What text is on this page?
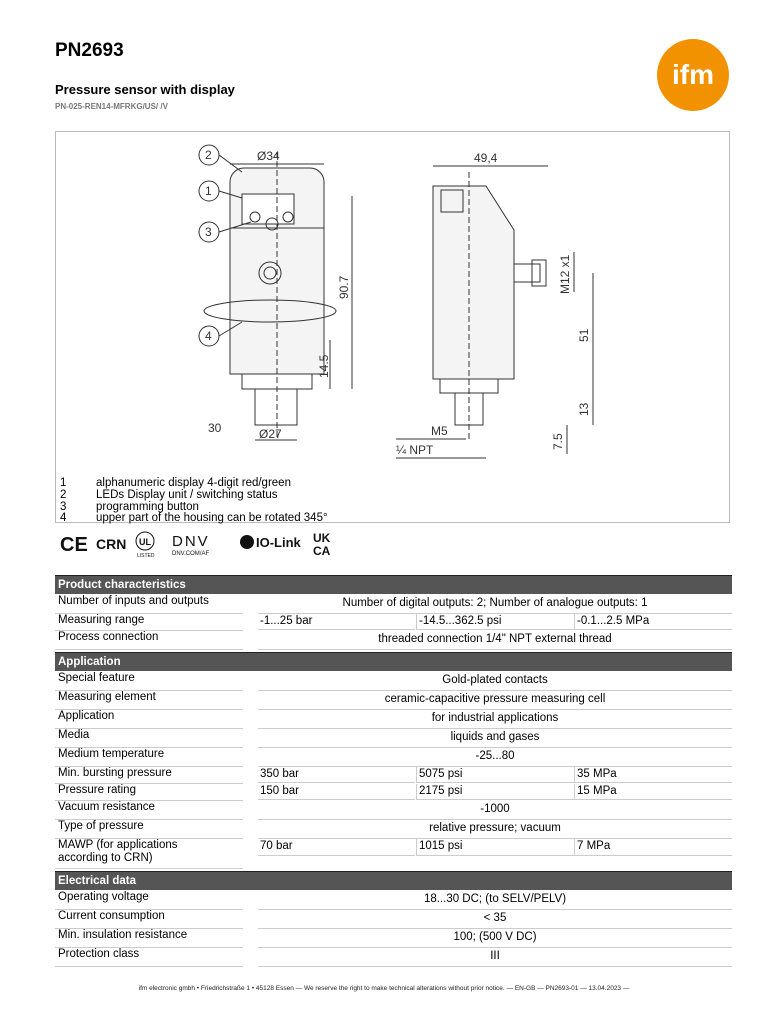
PN2693
Pressure sensor with display
PN-025-REN14-MFRKG/US/ /V
ifm
Ø34
90.7
14.5
Ø27
30
2
1
3
4
49,4
M12 x1
51
13
7.5
M5
¼ NPT
1	alphanumeric display 4-digit red/green
2	LEDs Display unit / switching status
3	programming button
4	upper part of the housing can be rotated 345°
CE CRN UL
LISTED
DNV
DNV.COM/AF
IO-Link UK
CA
Product characteristics
Number of inputs and outputs	Number of digital outputs: 2; Number of analogue outputs: 1
Measuring range	-1...25 bar	-14.5...362.5 psi	-0.1...2.5 MPa
Process connection	threaded connection 1/4" NPT external thread
Application
Special feature	Gold-plated contacts
Measuring element	ceramic-capacitive pressure measuring cell
Application	for industrial applications
Media	liquids and gases
Medium temperature	-25...80
Min. bursting pressure	350 bar	5075 psi	35 MPa
Pressure rating	150 bar	2175 psi	15 MPa
Vacuum resistance	-1000
Type of pressure	relative pressure; vacuum
MAWP (for applications
according to CRN)
70 bar	1015 psi	7 MPa
Electrical data
Operating voltage	18...30 DC; (to SELV/PELV)
Current consumption	< 35
Min. insulation resistance	100; (500 V DC)
Protection class	III
ifm electronic gmbh • Friedrichstraße 1 • 45128 Essen — We reserve the right to make technical alterations without prior notice. — EN-GB — PN2693-01 — 13.04.2023 —
